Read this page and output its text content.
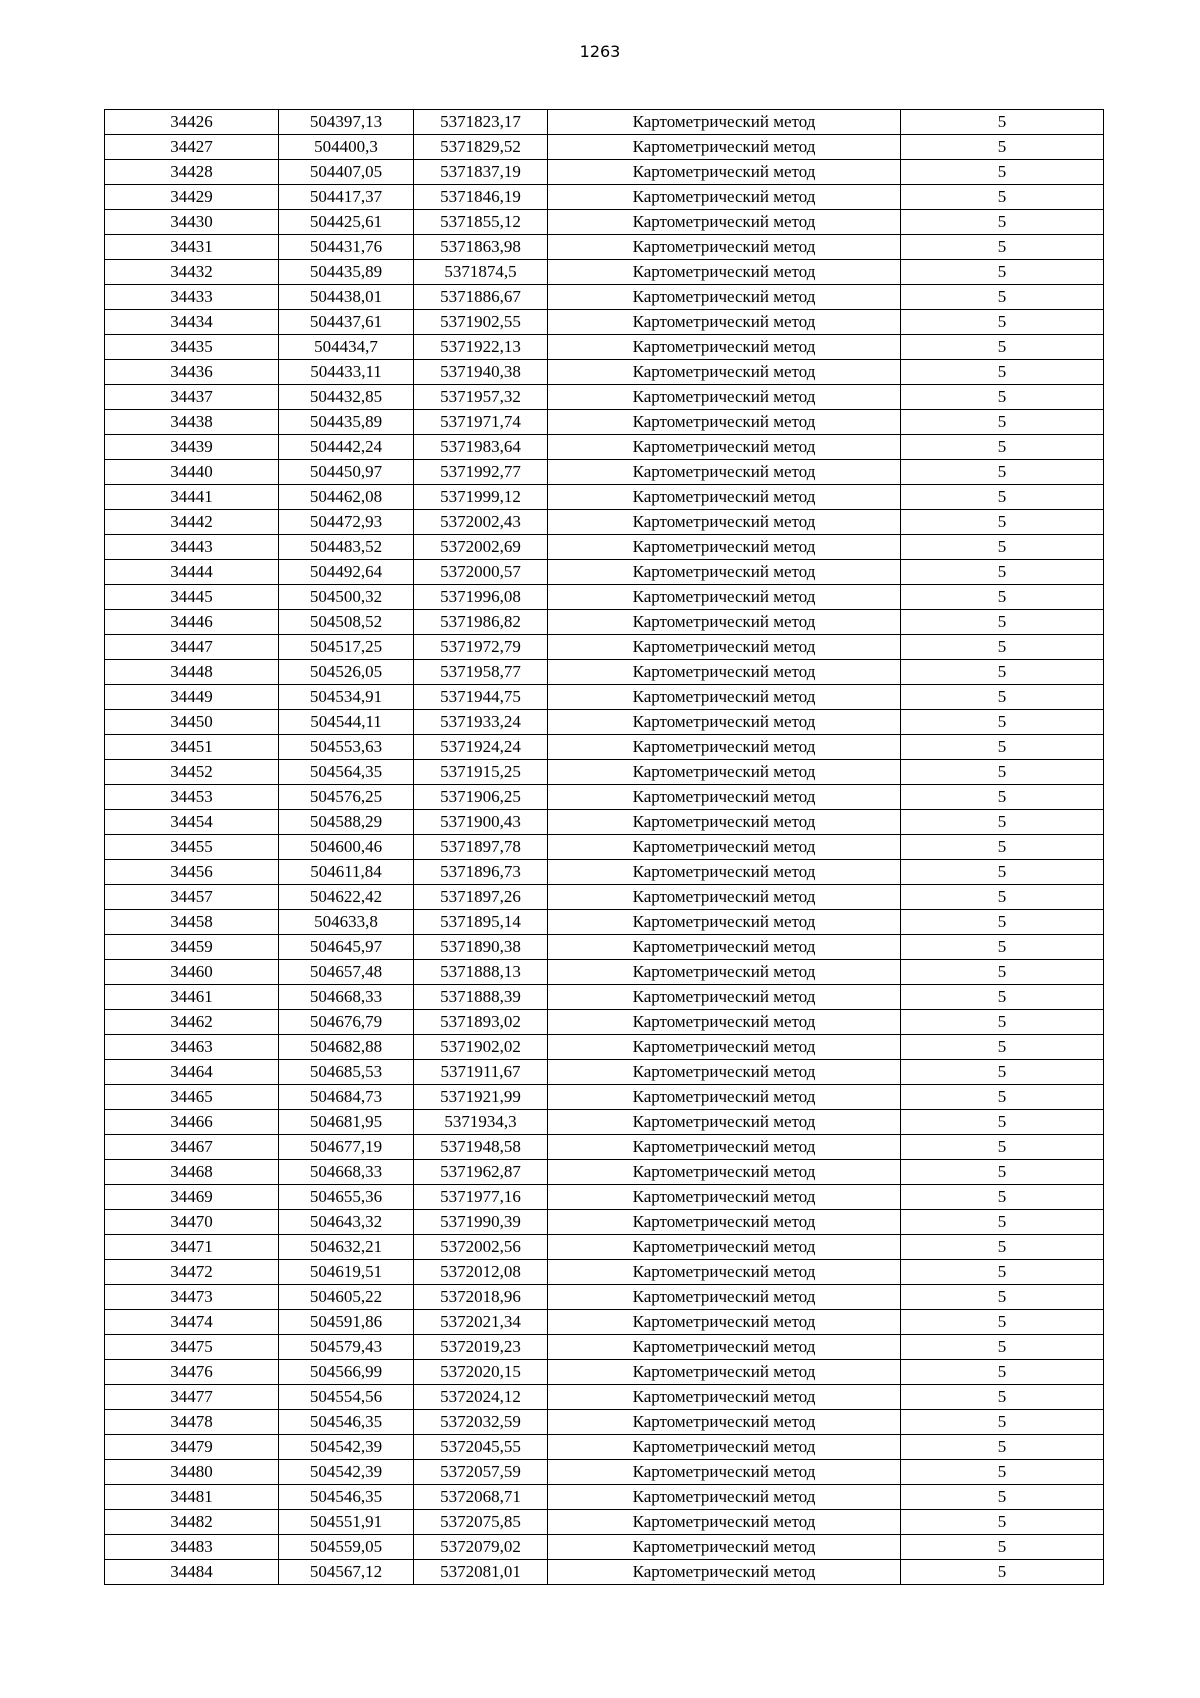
1263
34426	504397,13	5371823,17	Картометрический метод	5
34427	504400,3	5371829,52	Картометрический метод	5
34428	504407,05	5371837,19	Картометрический метод	5
34429	504417,37	5371846,19	Картометрический метод	5
34430	504425,61	5371855,12	Картометрический метод	5
34431	504431,76	5371863,98	Картометрический метод	5
34432	504435,89	5371874,5	Картометрический метод	5
34433	504438,01	5371886,67	Картометрический метод	5
34434	504437,61	5371902,55	Картометрический метод	5
34435	504434,7	5371922,13	Картометрический метод	5
34436	504433,11	5371940,38	Картометрический метод	5
34437	504432,85	5371957,32	Картометрический метод	5
34438	504435,89	5371971,74	Картометрический метод	5
34439	504442,24	5371983,64	Картометрический метод	5
34440	504450,97	5371992,77	Картометрический метод	5
34441	504462,08	5371999,12	Картометрический метод	5
34442	504472,93	5372002,43	Картометрический метод	5
34443	504483,52	5372002,69	Картометрический метод	5
34444	504492,64	5372000,57	Картометрический метод	5
34445	504500,32	5371996,08	Картометрический метод	5
34446	504508,52	5371986,82	Картометрический метод	5
34447	504517,25	5371972,79	Картометрический метод	5
34448	504526,05	5371958,77	Картометрический метод	5
34449	504534,91	5371944,75	Картометрический метод	5
34450	504544,11	5371933,24	Картометрический метод	5
34451	504553,63	5371924,24	Картометрический метод	5
34452	504564,35	5371915,25	Картометрический метод	5
34453	504576,25	5371906,25	Картометрический метод	5
34454	504588,29	5371900,43	Картометрический метод	5
34455	504600,46	5371897,78	Картометрический метод	5
34456	504611,84	5371896,73	Картометрический метод	5
34457	504622,42	5371897,26	Картометрический метод	5
34458	504633,8	5371895,14	Картометрический метод	5
34459	504645,97	5371890,38	Картометрический метод	5
34460	504657,48	5371888,13	Картометрический метод	5
34461	504668,33	5371888,39	Картометрический метод	5
34462	504676,79	5371893,02	Картометрический метод	5
34463	504682,88	5371902,02	Картометрический метод	5
34464	504685,53	5371911,67	Картометрический метод	5
34465	504684,73	5371921,99	Картометрический метод	5
34466	504681,95	5371934,3	Картометрический метод	5
34467	504677,19	5371948,58	Картометрический метод	5
34468	504668,33	5371962,87	Картометрический метод	5
34469	504655,36	5371977,16	Картометрический метод	5
34470	504643,32	5371990,39	Картометрический метод	5
34471	504632,21	5372002,56	Картометрический метод	5
34472	504619,51	5372012,08	Картометрический метод	5
34473	504605,22	5372018,96	Картометрический метод	5
34474	504591,86	5372021,34	Картометрический метод	5
34475	504579,43	5372019,23	Картометрический метод	5
34476	504566,99	5372020,15	Картометрический метод	5
34477	504554,56	5372024,12	Картометрический метод	5
34478	504546,35	5372032,59	Картометрический метод	5
34479	504542,39	5372045,55	Картометрический метод	5
34480	504542,39	5372057,59	Картометрический метод	5
34481	504546,35	5372068,71	Картометрический метод	5
34482	504551,91	5372075,85	Картометрический метод	5
34483	504559,05	5372079,02	Картометрический метод	5
34484	504567,12	5372081,01	Картометрический метод	5
